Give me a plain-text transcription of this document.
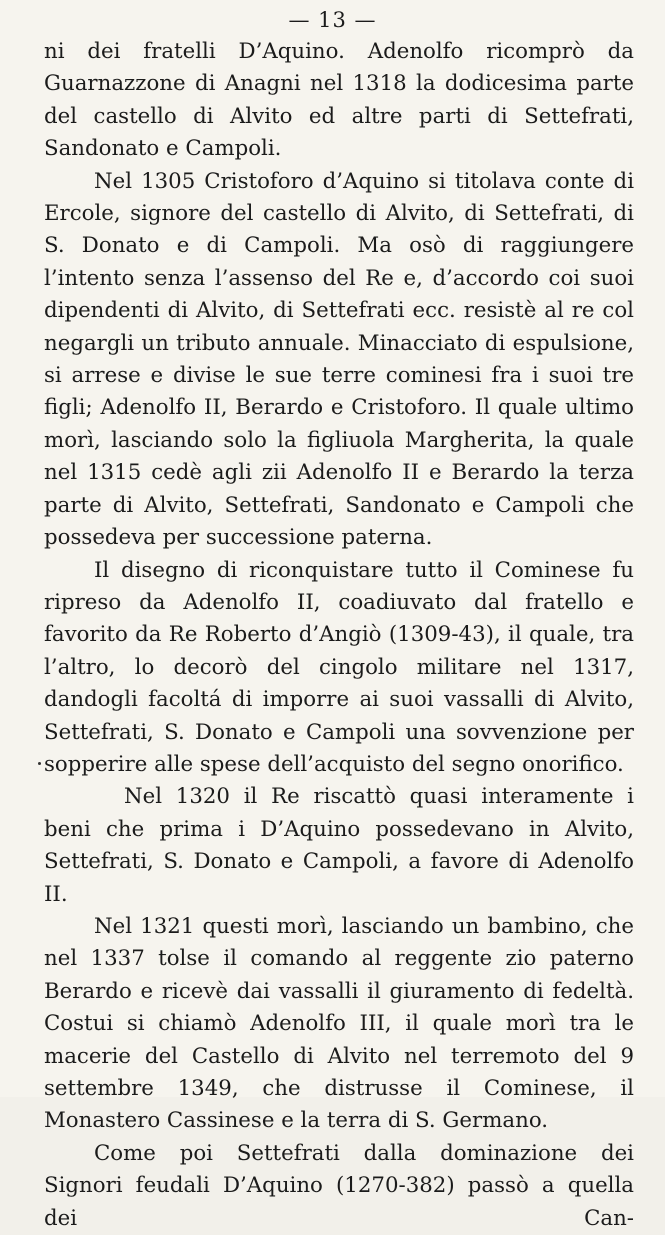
— 13 —

ni dei fratelli D’Aquino. Adenolfo ricomprò da Guarnazzone di Anagni nel 1318 la dodicesima parte del castello di Alvito ed altre parti di Settefrati, Sandonato e Campoli.

Nel 1305 Cristoforo d’Aquino si titolava conte di Ercole, signore del castello di Alvito, di Settefrati, di S. Donato e di Campoli. Ma osò di raggiungere l’intento senza l’assenso del Re e, d’accordo coi suoi dipendenti di Alvito, di Settefrati ecc. resistè al re col negargli un tributo annuale. Minacciato di espulsione, si arrese e divise le sue terre cominesi fra i suoi tre figli; Adenolfo II, Berardo e Cristoforo. Il quale ultimo morì, lasciando solo la figliuola Margherita, la quale nel 1315 cedè agli zii Adenolfo II e Berardo la terza parte di Alvito, Settefrati, Sandonato e Campoli che possedeva per successione paterna.

Il disegno di riconquistare tutto il Cominese fu ripreso da Adenolfo II, coadiuvato dal fratello e favorito da Re Roberto d’Angiò (1309-43), il quale, tra l’altro, lo decorò del cingolo militare nel 1317, dandogli facoltá di imporre ai suoi vassalli di Alvito, Settefrati, S. Donato e Campoli una sovvenzione per sopperire alle spese dell’acquisto del segno onorifico.

Nel 1320 il Re riscattò quasi interamente i beni che prima i D’Aquino possedevano in Alvito, Settefrati, S. Donato e Campoli, a favore di Adenolfo II.

Nel 1321 questi morì, lasciando un bambino, che nel 1337 tolse il comando al reggente zio paterno Berardo e ricevè dai vassalli il giuramento di fedeltà. Costui si chiamò Adenolfo III, il quale morì tra le macerie del Castello di Alvito nel terremoto del 9 settembre 1349, che distrusse il Cominese, il Monastero Cassinese e la terra di S. Germano.

Come poi Settefrati dalla dominazione dei Signori feudali D’Aquino (1270-382) passò a quella dei Can-
